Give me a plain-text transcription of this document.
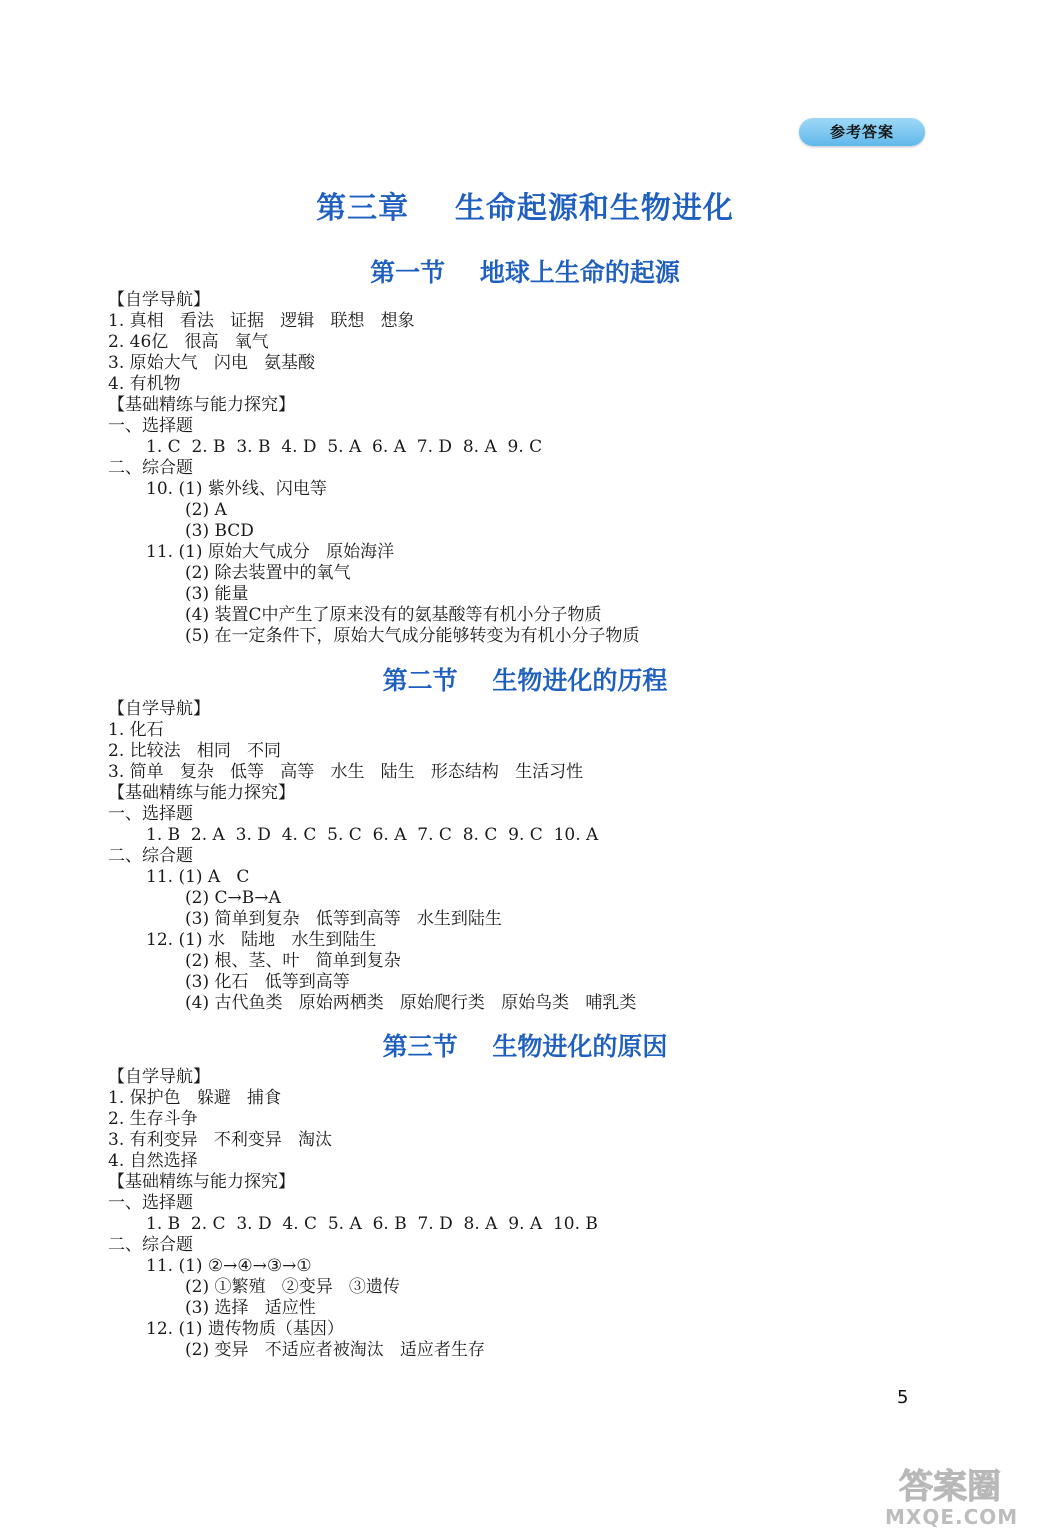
参考答案
第三章    生命起源和生物进化
第一节    地球上生命的起源
【自学导航】
1. 真相   看法   证据   逻辑   联想   想象
2. 46亿   很高   氧气
3. 原始大气   闪电   氨基酸
4. 有机物
【基础精练与能力探究】
一、选择题
1. C  2. B  3. B  4. D  5. A  6. A  7. D  8. A  9. C
二、综合题
10. (1) 紫外线、闪电等
(2) A
(3) BCD
11. (1) 原始大气成分   原始海洋
(2) 除去装置中的氧气
(3) 能量
(4) 装置C中产生了原来没有的氨基酸等有机小分子物质
(5) 在一定条件下，原始大气成分能够转变为有机小分子物质
第二节    生物进化的历程
【自学导航】
1. 化石
2. 比较法   相同   不同
3. 简单   复杂   低等   高等   水生   陆生   形态结构   生活习性
【基础精练与能力探究】
一、选择题
1. B  2. A  3. D  4. C  5. C  6. A  7. C  8. C  9. C  10. A
二、综合题
11. (1) A   C
(2) C→B→A
(3) 简单到复杂   低等到高等   水生到陆生
12. (1) 水   陆地   水生到陆生
(2) 根、茎、叶   简单到复杂
(3) 化石   低等到高等
(4) 古代鱼类   原始两栖类   原始爬行类   原始鸟类   哺乳类
第三节    生物进化的原因
【自学导航】
1. 保护色   躲避   捕食
2. 生存斗争
3. 有利变异   不利变异   淘汰
4. 自然选择
【基础精练与能力探究】
一、选择题
1. B  2. C  3. D  4. C  5. A  6. B  7. D  8. A  9. A  10. B
二、综合题
11. (1) ②→④→③→①
(2) ①繁殖   ②变异   ③遗传
(3) 选择   适应性
12. (1) 遗传物质（基因）
(2) 变异   不适应者被淘汰   适应者生存
5
答案圈
MXQE.COM
